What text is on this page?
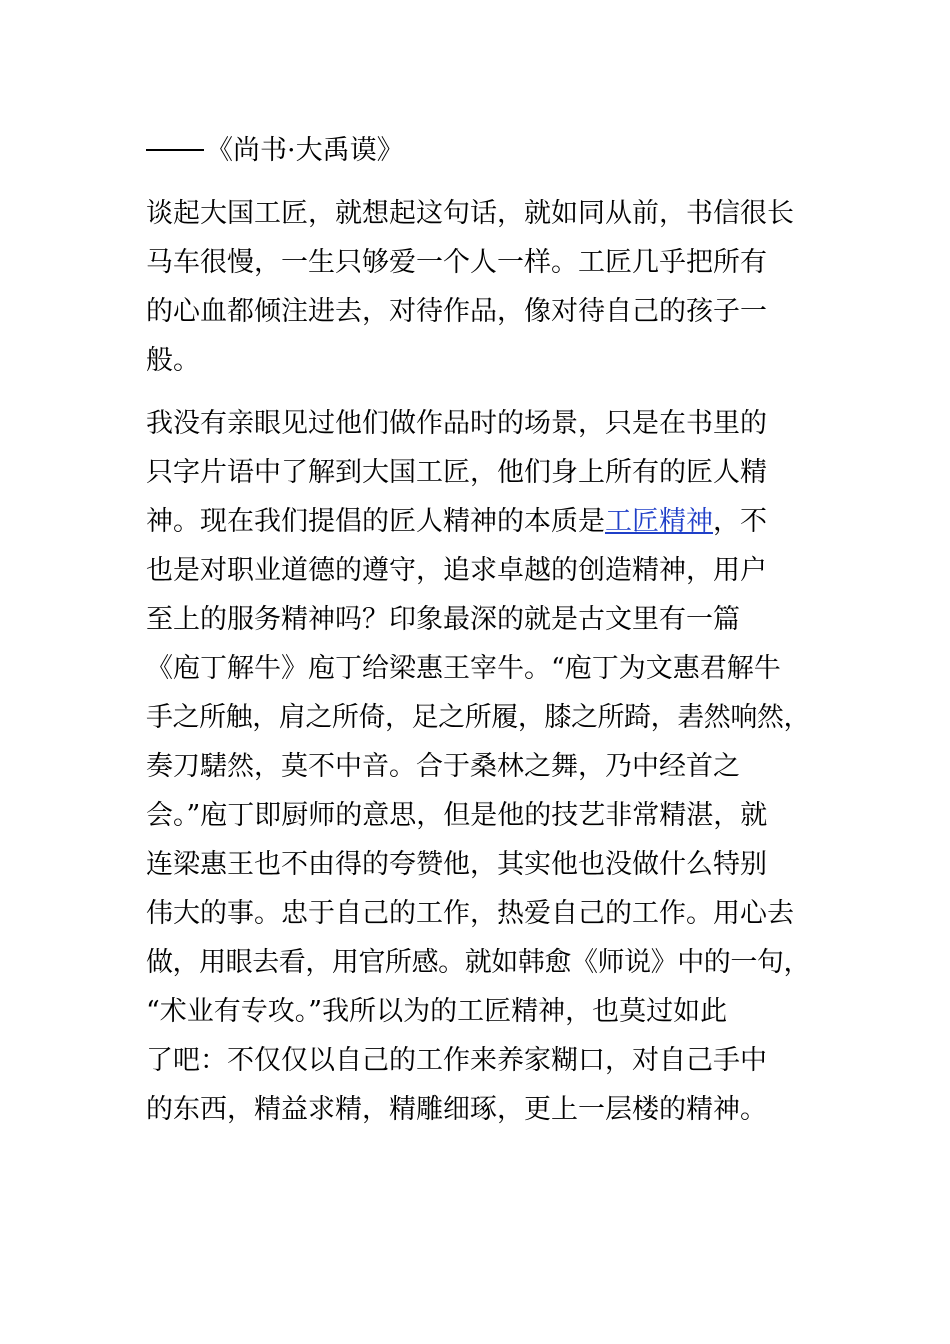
《尚书·大禹谟》
谈起大国工匠，就想起这句话，就如同从前，书信很长
马车很慢，一生只够爱一个人一样。工匠几乎把所有
的心血都倾注进去，对待作品，像对待自己的孩子一
般。
我没有亲眼见过他们做作品时的场景，只是在书里的
只字片语中了解到大国工匠，他们身上所有的匠人精
神。现在我们提倡的匠人精神的本质是工匠精神，不
也是对职业道德的遵守，追求卓越的创造精神，用户
至上的服务精神吗？印象最深的就是古文里有一篇
《庖丁解牛》庖丁给梁惠王宰牛。“庖丁为文惠君解牛
手之所触，肩之所倚，足之所履，膝之所踦，砉然响然，
奏刀騞然，莫不中音。合于桑林之舞，乃中经首之
会。”庖丁即厨师的意思，但是他的技艺非常精湛，就
连梁惠王也不由得的夸赞他，其实他也没做什么特别
伟大的事。忠于自己的工作，热爱自己的工作。用心去
做，用眼去看，用官所感。就如韩愈《师说》中的一句，
“术业有专攻。”我所以为的工匠精神，也莫过如此
了吧：不仅仅以自己的工作来养家糊口，对自己手中
的东西，精益求精，精雕细琢，更上一层楼的精神。
